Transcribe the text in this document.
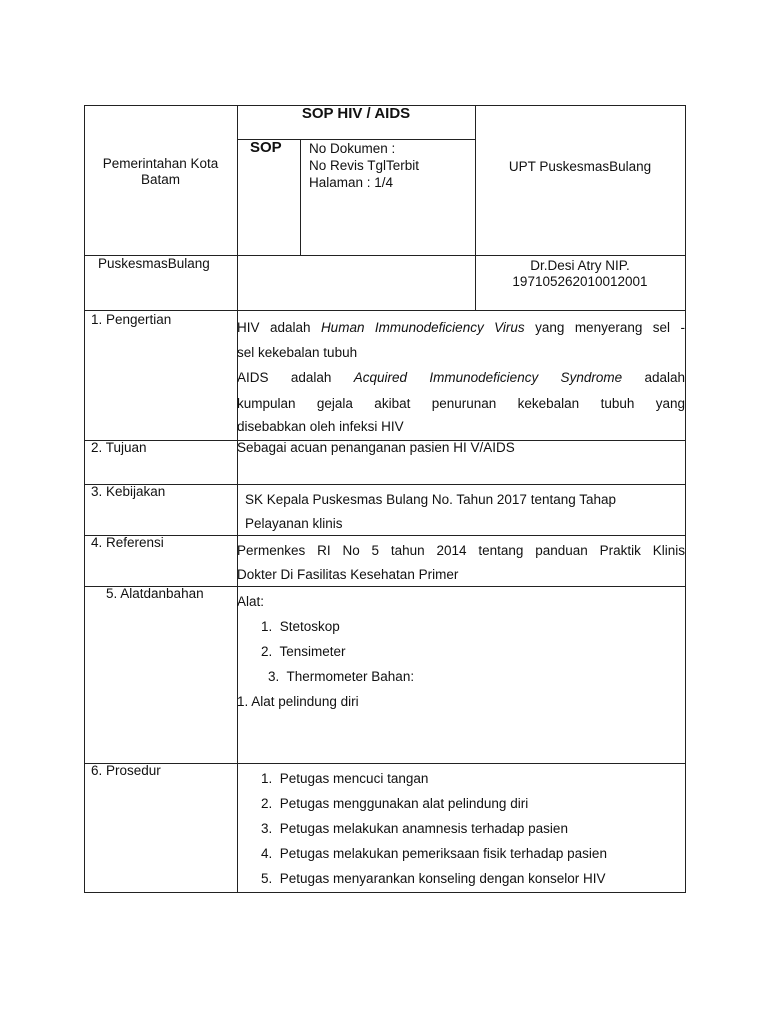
Pemerintahan Kota
Batam
SOP HIV / AIDS
SOP No Dokumen :
No Revis TglTerbit
Halaman : 1/4
UPT PuskesmasBulang
PuskesmasBulang	Dr.Desi Atry NIP.
197105262010012001
1. Pengertian
HIV adalah Human Immunodeficiency Virus yang menyerang sel -
sel kekebalan tubuh
AIDS adalah Acquired Immunodeficiency Syndrome adalah
kumpulan gejala akibat penurunan kekebalan tubuh yang
disebabkan oleh infeksi HIV
2. Tujuan	Sebagai acuan penanganan pasien HI V/AIDS
3. Kebijakan
SK Kepala Puskesmas Bulang No. Tahun 2017 tentang Tahap
Pelayanan klinis
4. Referensi
Permenkes RI No 5 tahun 2014 tentang panduan Praktik Klinis
Dokter Di Fasilitas Kesehatan Primer
5. Alatdanbahan
Alat:
1.  Stetoskop
2.  Tensimeter
3.  Thermometer Bahan:
1. Alat pelindung diri
6. Prosedur
1.  Petugas mencuci tangan
2.  Petugas menggunakan alat pelindung diri
3.  Petugas melakukan anamnesis terhadap pasien
4.  Petugas melakukan pemeriksaan fisik terhadap pasien
5.  Petugas menyarankan konseling dengan konselor HIV
